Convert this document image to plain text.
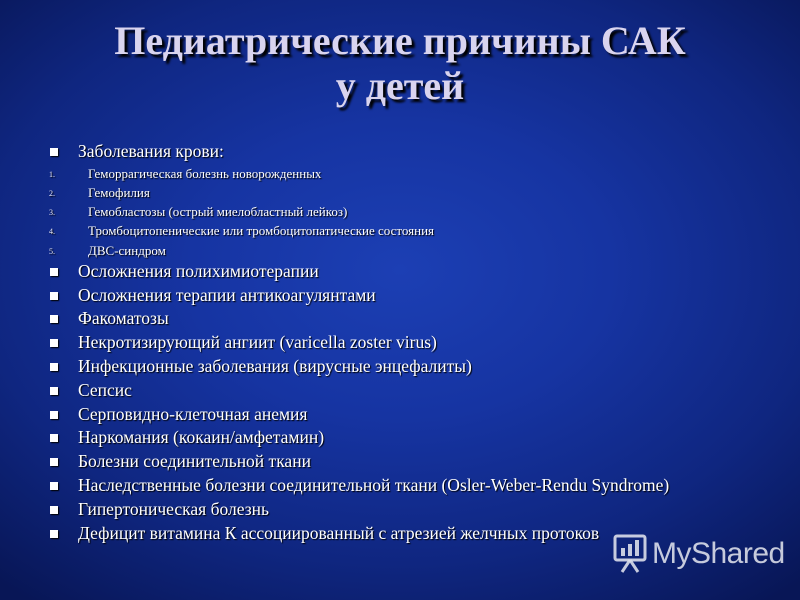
Педиатрические причины САК
у детей
Заболевания крови:
1.	Геморрагическая болезнь новорожденных
2.	Гемофилия
3.	Гемобластозы (острый миелобластный лейкоз)
4.	Тромбоцитопенические или тромбоцитопатические состояния
5.	ДВС-синдром
Осложнения полихимиотерапии
Осложнения терапии антикоагулянтами
Факоматозы
Некротизирующий ангиит (varicella zoster virus)
Инфекционные заболевания (вирусные энцефалиты)
Сепсис
Серповидно-клеточная анемия
Наркомания (кокаин/амфетамин)
Болезни соединительной ткани
Наследственные болезни соединительной ткани (Osler-Weber-Rendu Syndrome)
Гипертоническая болезнь
Дефицит витамина К ассоциированный с атрезией желчных протоков
MyShared
